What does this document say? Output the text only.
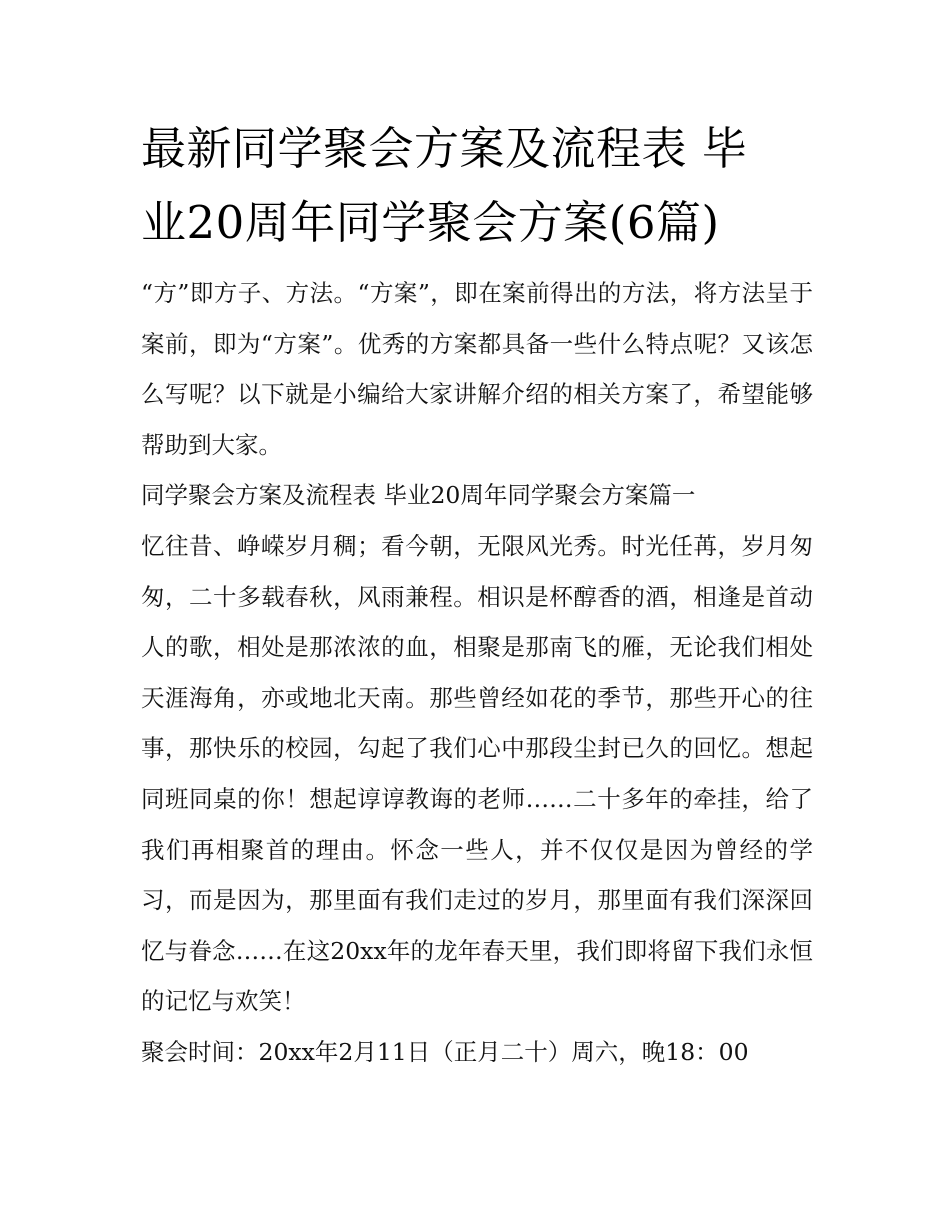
最新同学聚会方案及流程表 毕
业20周年同学聚会方案(6篇)

“方”即方子、方法。“方案”，即在案前得出的方法，将方法呈于案前，即为“方案”。优秀的方案都具备一些什么特点呢？又该怎么写呢？以下就是小编给大家讲解介绍的相关方案了，希望能够帮助到大家。

同学聚会方案及流程表 毕业20周年同学聚会方案篇一

忆往昔、峥嵘岁月稠；看今朝，无限风光秀。时光任苒，岁月匆匆，二十多载春秋，风雨兼程。相识是杯醇香的酒，相逢是首动人的歌，相处是那浓浓的血，相聚是那南飞的雁，无论我们相处天涯海角，亦或地北天南。那些曾经如花的季节，那些开心的往事，那快乐的校园，勾起了我们心中那段尘封已久的回忆。想起同班同桌的你！想起谆谆教诲的老师……二十多年的牵挂，给了我们再相聚首的理由。怀念一些人，并不仅仅是因为曾经的学习，而是因为，那里面有我们走过的岁月，那里面有我们深深回忆与眷念……在这20xx年的龙年春天里，我们即将留下我们永恒的记忆与欢笑！

聚会时间：20xx年2月11日（正月二十）周六，晚18：00
